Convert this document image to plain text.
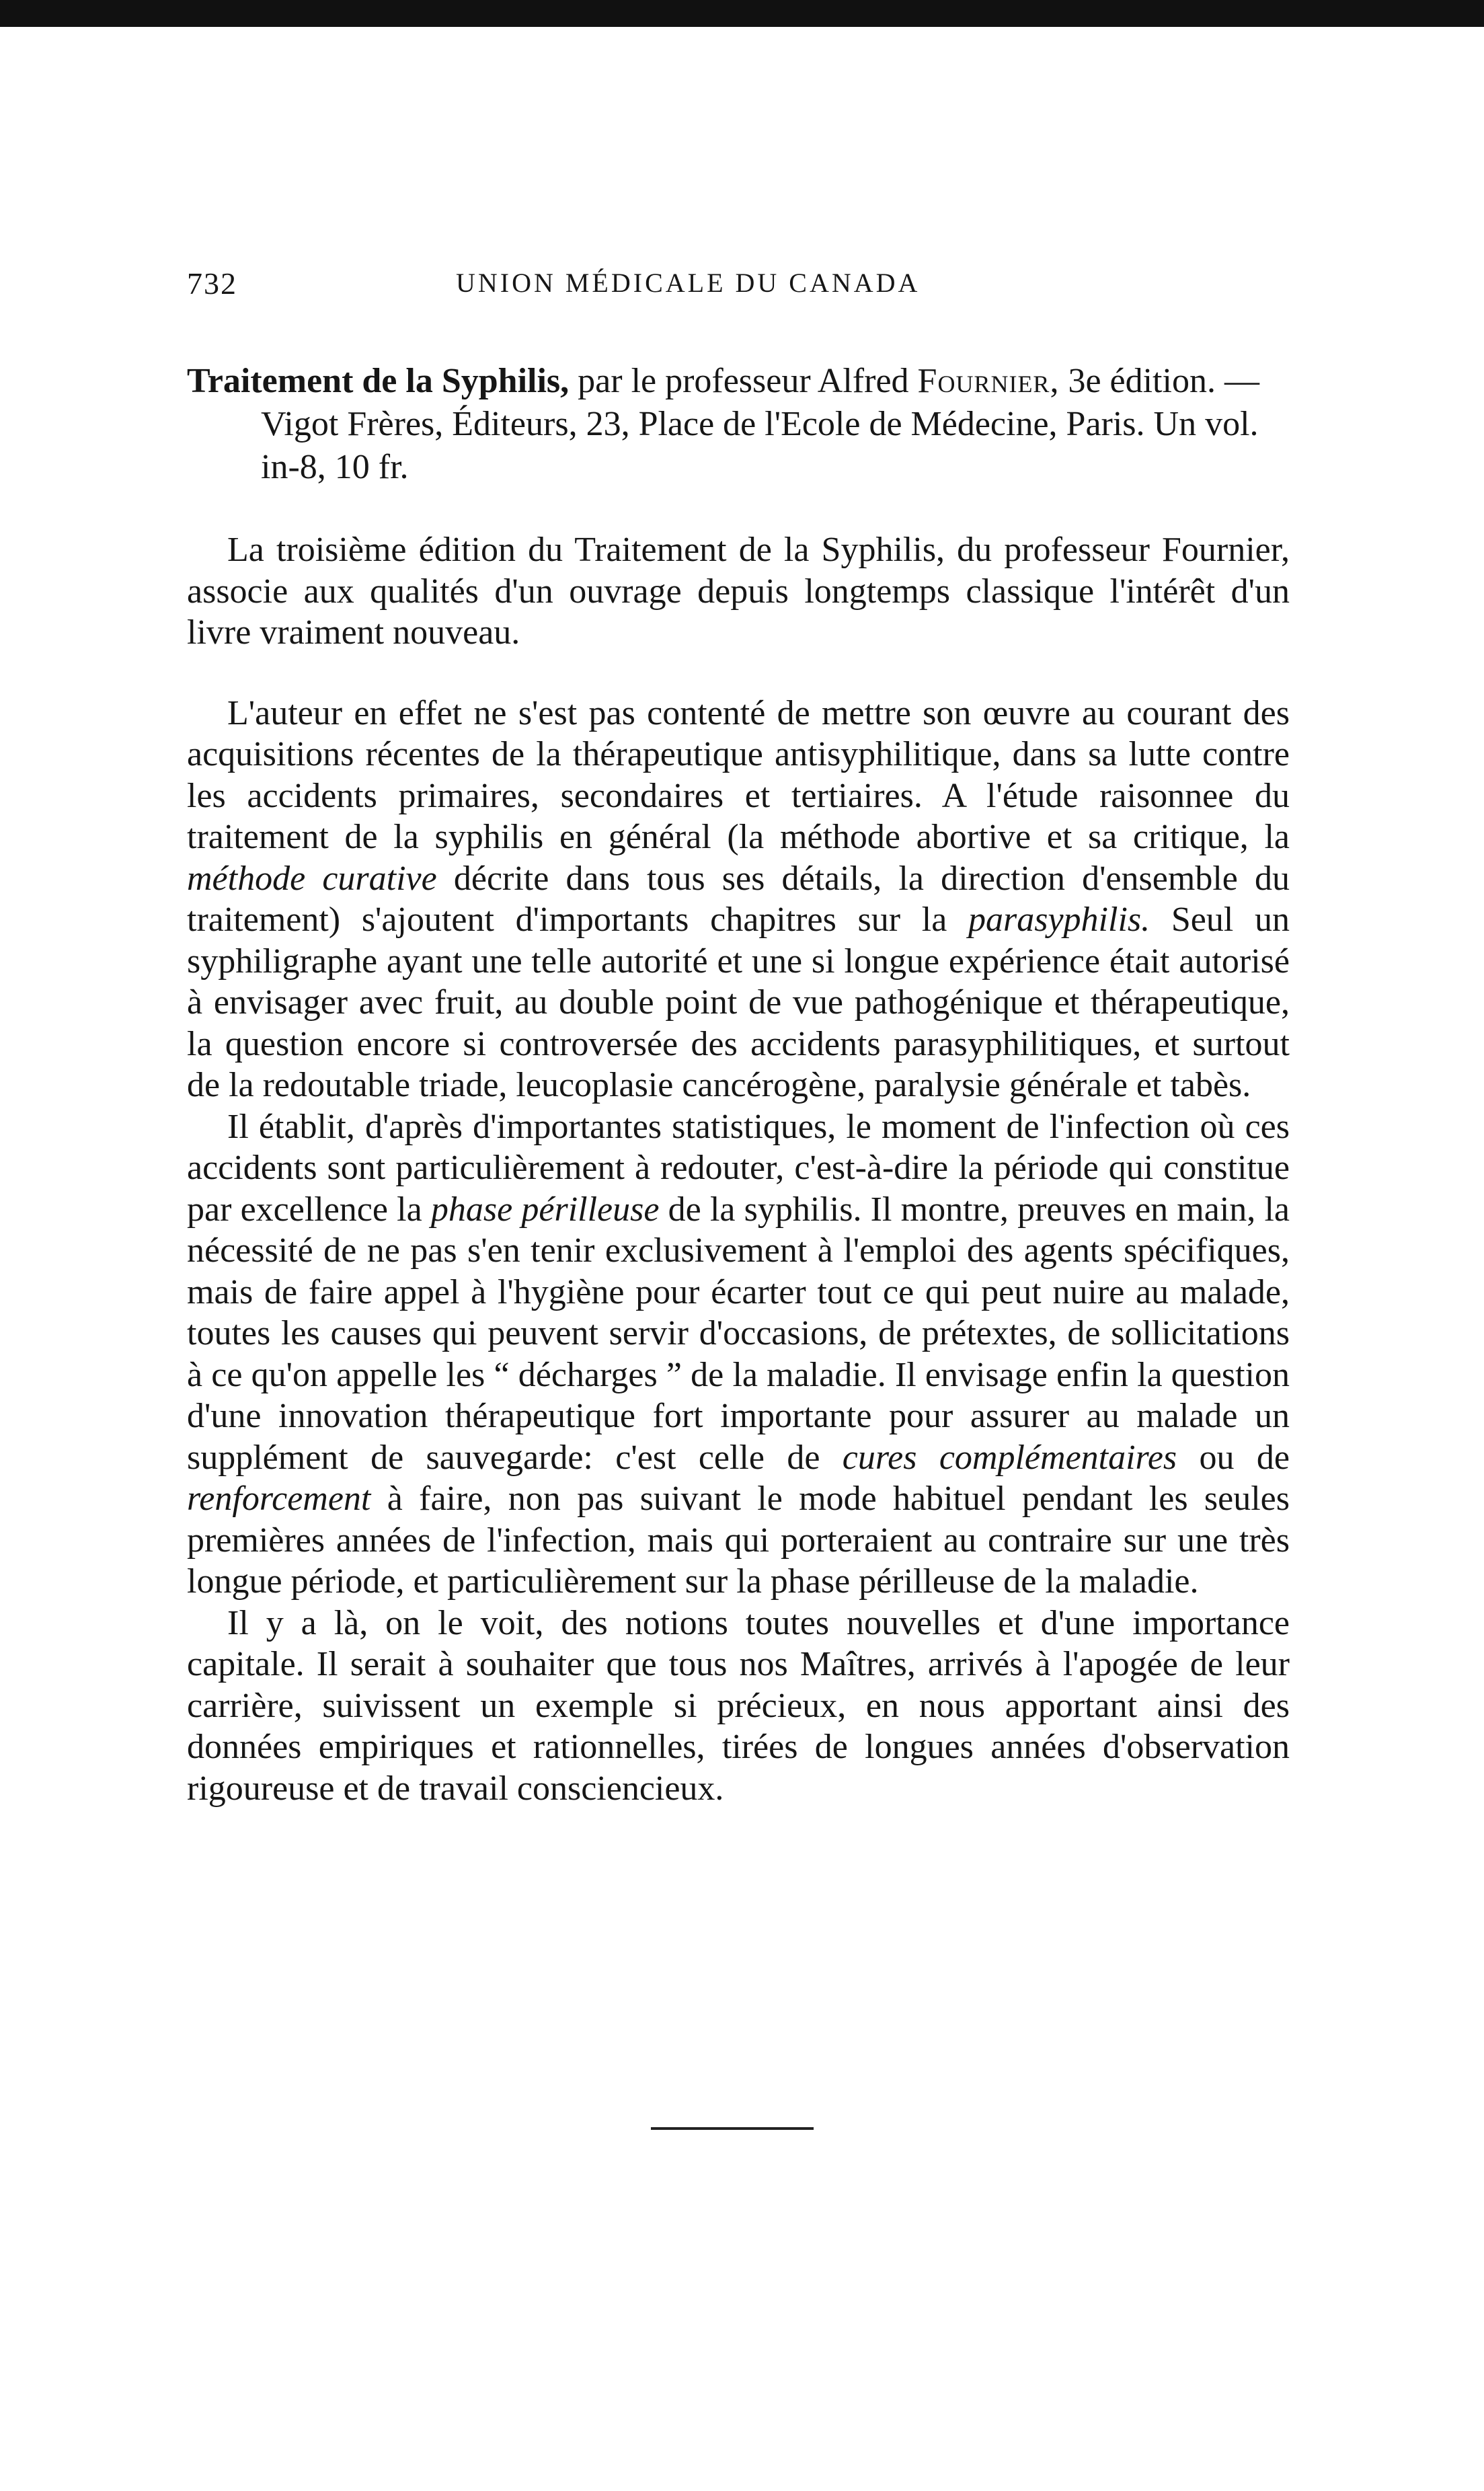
732	UNION MÉDICALE DU CANADA
Traitement de la Syphilis, par le professeur Alfred Fournier, 3e édition. — Vigot Frères, Éditeurs, 23, Place de l'Ecole de Médecine, Paris. Un vol. in-8, 10 fr.

La troisième édition du Traitement de la Syphilis, du professeur Fournier, associe aux qualités d'un ouvrage depuis longtemps classique l'intérêt d'un livre vraiment nouveau.

L'auteur en effet ne s'est pas contenté de mettre son œuvre au courant des acquisitions récentes de la thérapeutique antisyphilitique, dans sa lutte contre les accidents primaires, secondaires et tertiaires. A l'étude raisonnee du traitement de la syphilis en général (la méthode abortive et sa critique, la méthode curative décrite dans tous ses détails, la direction d'ensemble du traitement) s'ajoutent d'importants chapitres sur la parasyphilis. Seul un syphiligraphe ayant une telle autorité et une si longue expérience était autorisé à envisager avec fruit, au double point de vue pathogénique et thérapeutique, la question encore si controversée des accidents parasyphilitiques, et surtout de la redoutable triade, leucoplasie cancérogène, paralysie générale et tabès.

Il établit, d'après d'importantes statistiques, le moment de l'infection où ces accidents sont particulièrement à redouter, c'est-à-dire la période qui constitue par excellence la phase périlleuse de la syphilis. Il montre, preuves en main, la nécessité de ne pas s'en tenir exclusivement à l'emploi des agents spécifiques, mais de faire appel à l'hygiène pour écarter tout ce qui peut nuire au malade, toutes les causes qui peuvent servir d'occasions, de prétextes, de sollicitations à ce qu'on appelle les “ décharges ” de la maladie. Il envisage enfin la question d'une innovation thérapeutique fort importante pour assurer au malade un supplément de sauvegarde: c'est celle de cures complémentaires ou de renforcement à faire, non pas suivant le mode habituel pendant les seules premières années de l'infection, mais qui porteraient au contraire sur une très longue période, et particulièrement sur la phase périlleuse de la maladie.

Il y a là, on le voit, des notions toutes nouvelles et d'une importance capitale. Il serait à souhaiter que tous nos Maîtres, arrivés à l'apogée de leur carrière, suivissent un exemple si précieux, en nous apportant ainsi des données empiriques et rationnelles, tirées de longues années d'observation rigoureuse et de travail consciencieux.
